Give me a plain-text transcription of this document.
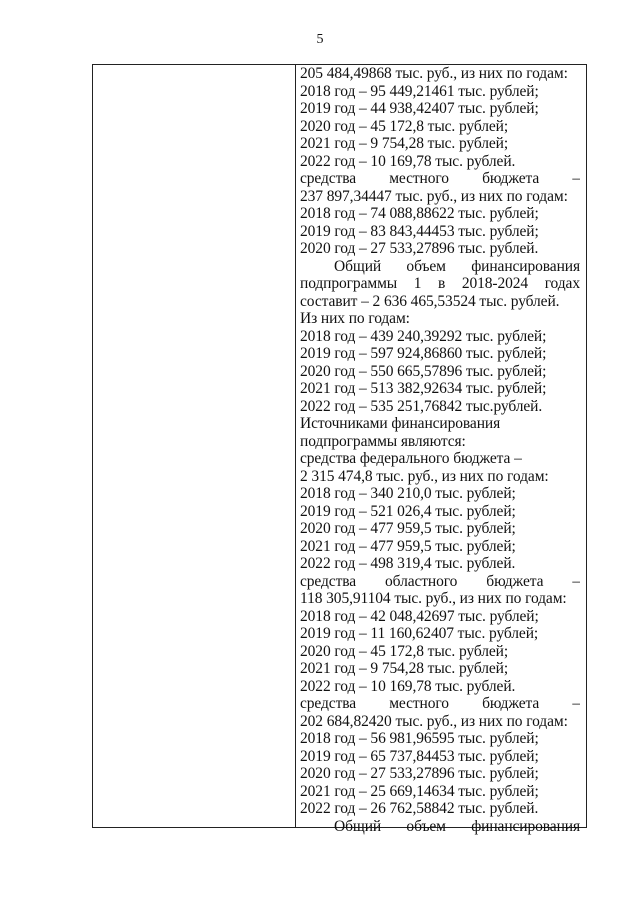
5
205 484,49868 тыс. руб., из них по годам:
2018 год – 95 449,21461 тыс. рублей;
2019 год – 44 938,42407 тыс. рублей;
2020 год – 45 172,8 тыс. рублей;
2021 год – 9 754,28 тыс. рублей;
2022 год – 10 169,78 тыс. рублей.
средства местного бюджета –
237 897,34447 тыс. руб., из них по годам:
2018 год – 74 088,88622 тыс. рублей;
2019 год – 83 843,44453 тыс. рублей;
2020 год – 27 533,27896 тыс. рублей.
Общий объем финансирования
подпрограммы 1 в 2018-2024 годах
составит – 2 636 465,53524 тыс. рублей.
Из них по годам:
2018 год – 439 240,39292 тыс. рублей;
2019 год – 597 924,86860 тыс. рублей;
2020 год – 550 665,57896 тыс. рублей;
2021 год – 513 382,92634 тыс. рублей;
2022 год – 535 251,76842 тыс.рублей.
Источниками финансирования
подпрограммы являются:
средства федерального бюджета –
2 315 474,8 тыс. руб., из них по годам:
2018 год – 340 210,0 тыс. рублей;
2019 год – 521 026,4 тыс. рублей;
2020 год – 477 959,5 тыс. рублей;
2021 год – 477 959,5 тыс. рублей;
2022 год – 498 319,4 тыс. рублей.
средства областного бюджета –
118 305,91104 тыс. руб., из них по годам:
2018 год – 42 048,42697 тыс. рублей;
2019 год – 11 160,62407 тыс. рублей;
2020 год – 45 172,8 тыс. рублей;
2021 год – 9 754,28 тыс. рублей;
2022 год – 10 169,78 тыс. рублей.
средства местного бюджета –
202 684,82420 тыс. руб., из них по годам:
2018 год – 56 981,96595 тыс. рублей;
2019 год – 65 737,84453 тыс. рублей;
2020 год – 27 533,27896 тыс. рублей;
2021 год – 25 669,14634 тыс. рублей;
2022 год – 26 762,58842 тыс. рублей.
Общий объем финансирования
